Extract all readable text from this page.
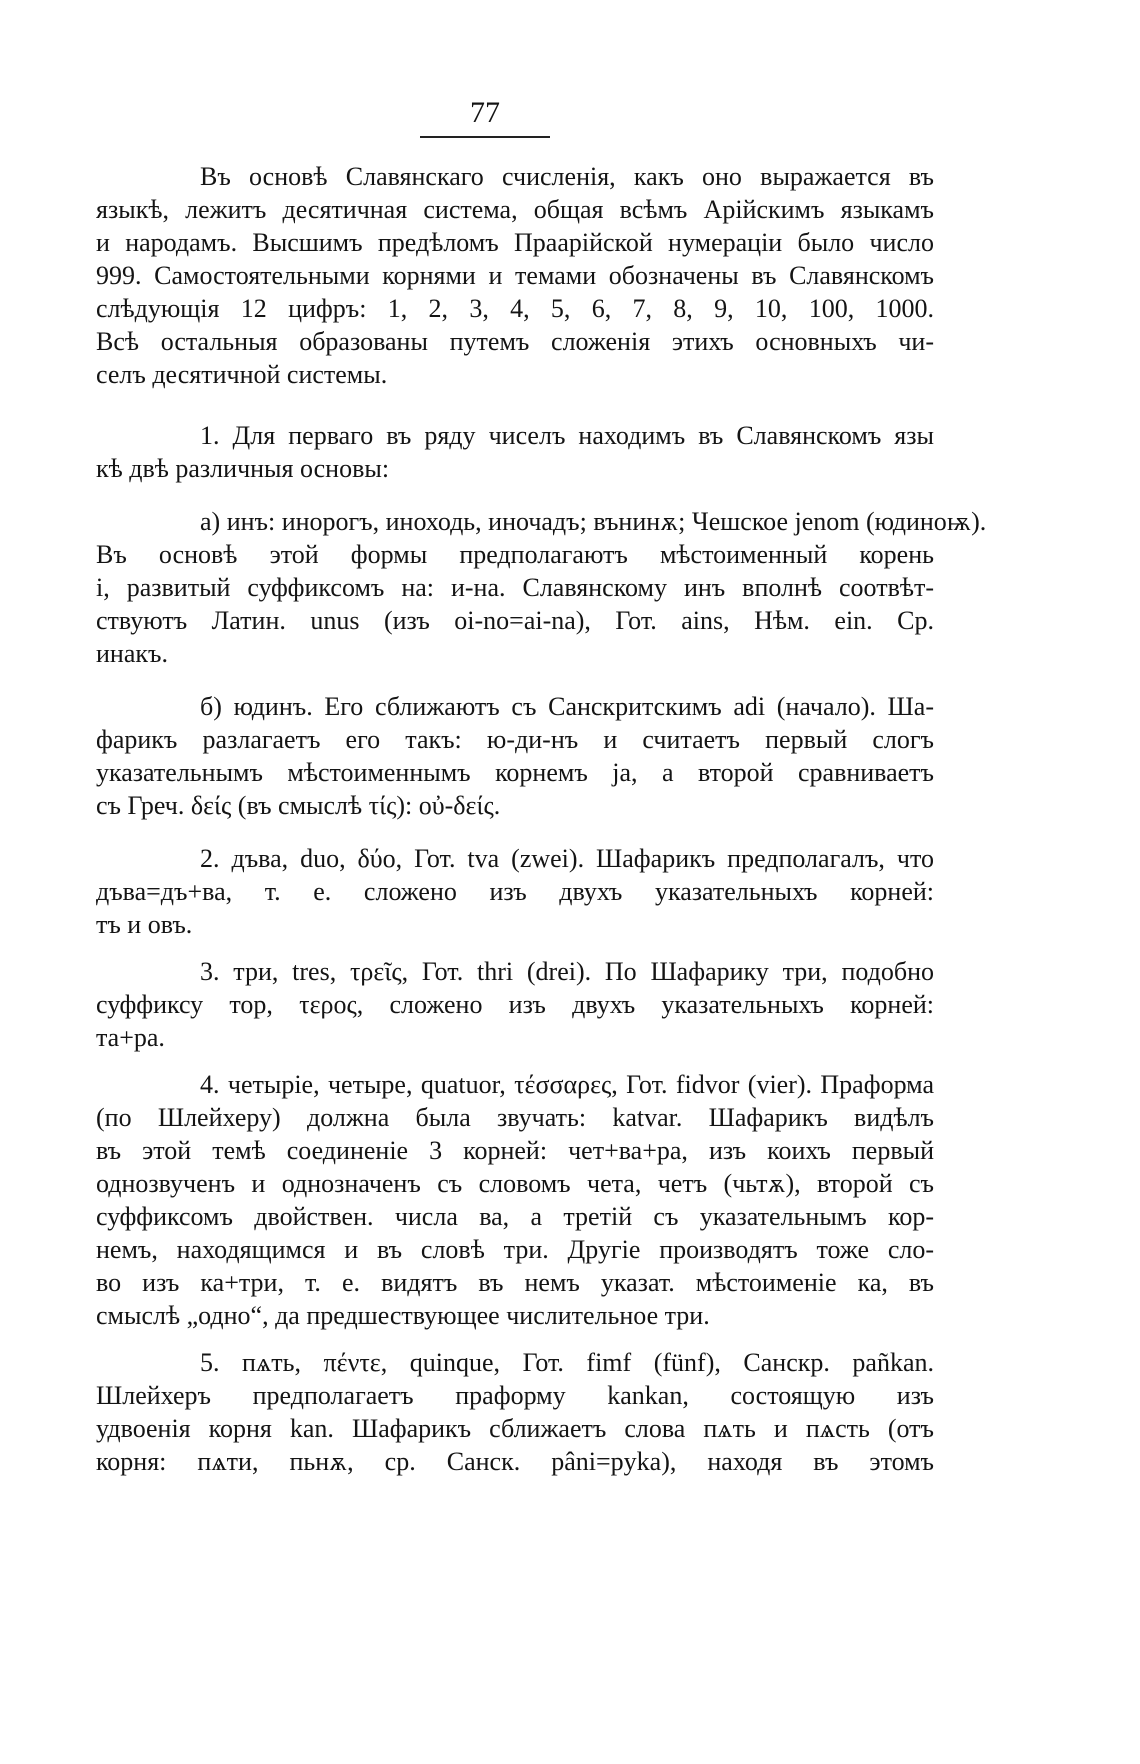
77

Въ основѣ Славянскаго счисленія, какъ оно выражается въ
языкѣ, лежитъ десятичная система, общая всѣмъ Арійскимъ языкамъ
и народамъ. Высшимъ предѣломъ Праарійской нумераціи было число
999. Самостоятельными корнями и темами обозначены въ Славянскомъ
слѣдующія 12 цифръ: 1, 2, 3, 4, 5, 6, 7, 8, 9, 10, 100, 1000.
Всѣ остальныя образованы путемъ сложенія этихъ основныхъ чи-
селъ десятичной системы.

1. Для перваго въ ряду чиселъ находимъ въ Славянскомъ язы
кѣ двѣ различныя основы:

а) инъ: инорогъ, иноходь, иночадъ; вънинѫ; Чешское jenom (юдиноѭ).
Въ основѣ этой формы предполагаютъ мѣстоименный корень
i, развитый суффиксомъ на: и-на. Славянскому инъ вполнѣ соотвѣт-
ствуютъ Латин. unus (изъ oi-no=ai-na), Гот. ains, Нѣм. ein. Ср.
инакъ.

б) юдинъ. Его сближаютъ съ Санскритскимъ adi (начало). Ша-
фарикъ разлагаетъ его такъ: ю-ди-нъ и считаетъ первый слогъ
указательнымъ мѣстоименнымъ корнемъ ja, а второй сравниваетъ
съ Греч. δείς (въ смыслѣ τίς): οὐ-δείς.

2. дъва, duo, δύο, Гот. tva (zwei). Шафарикъ предполагалъ, что
дъва=дъ+ва, т. е. сложено изъ двухъ указательныхъ корней:
тъ и овъ.

3. три, tres, τρεῖς, Гот. thri (drei). По Шафарику три, подобно
суффиксу тор, τερος, сложено изъ двухъ указательныхъ корней:
та+ра.

4. четыріе, четыре, quatuor, τέσσαρες, Гот. fidvor (vier). Праформа
(по Шлейхеру) должна была звучать: katvar. Шафарикъ видѣлъ
въ этой темѣ соединеніе 3 корней: чет+ва+ра, изъ коихъ первый
однозвученъ и однозначенъ съ словомъ чета, четъ (чьтѫ), второй съ
суффиксомъ двойствен. числа ва, а третій съ указательнымъ кор-
немъ, находящимся и въ словѣ три. Другіе производятъ тоже сло-
во изъ ка+три, т. е. видятъ въ немъ указат. мѣстоименіе ка, въ
смыслѣ „одно“, да предшествующее числительное три.

5. пѧть, πέντε, quinque, Гот. fimf (fünf), Санскр. pañkan.
Шлейхеръ предполагаетъ праформу kankan, состоящую изъ
удвоенія корня kan. Шафарикъ сближаетъ слова пѧть и пѧсть (отъ
корня: пѧти, пьнѫ, ср. Санск. pâni=pyka), находя въ этомъ
